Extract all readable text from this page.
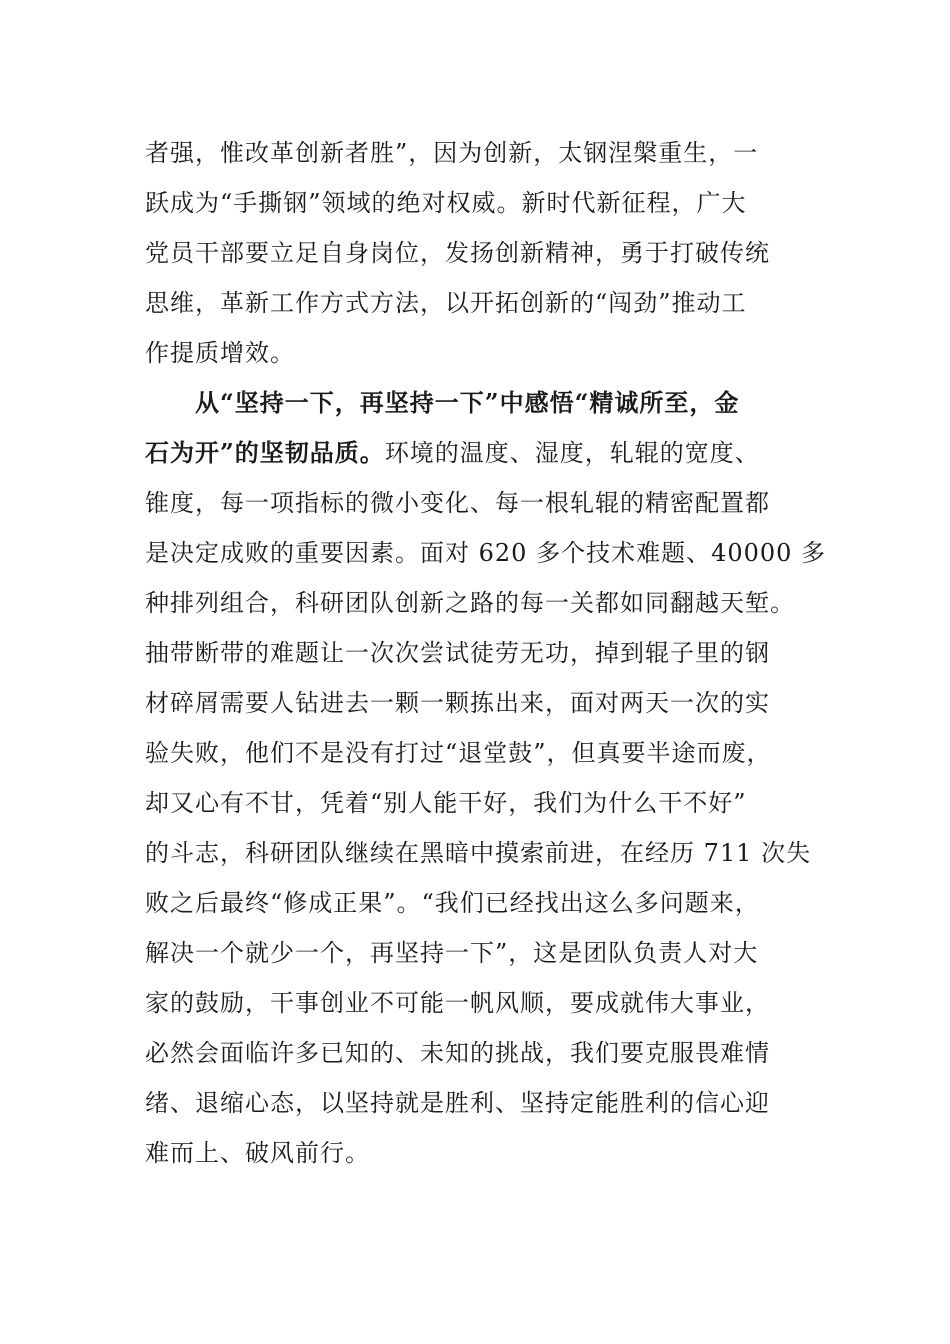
者强，惟改革创新者胜”，因为创新，太钢涅槃重生，一
跃成为“手撕钢”领域的绝对权威。新时代新征程，广大
党员干部要立足自身岗位，发扬创新精神，勇于打破传统
思维，革新工作方式方法，以开拓创新的“闯劲”推动工
作提质增效。
　　从“坚持一下，再坚持一下”中感悟“精诚所至，金
石为开”的坚韧品质。环境的温度、湿度，轧辊的宽度、
锥度，每一项指标的微小变化、每一根轧辊的精密配置都
是决定成败的重要因素。面对 620 多个技术难题、40000 多
种排列组合，科研团队创新之路的每一关都如同翻越天堑。
抽带断带的难题让一次次尝试徒劳无功，掉到辊子里的钢
材碎屑需要人钻进去一颗一颗拣出来，面对两天一次的实
验失败，他们不是没有打过“退堂鼓”，但真要半途而废，
却又心有不甘，凭着“别人能干好，我们为什么干不好”
的斗志，科研团队继续在黑暗中摸索前进，在经历 711 次失
败之后最终“修成正果”。“我们已经找出这么多问题来，
解决一个就少一个，再坚持一下”，这是团队负责人对大
家的鼓励，干事创业不可能一帆风顺，要成就伟大事业，
必然会面临许多已知的、未知的挑战，我们要克服畏难情
绪、退缩心态，以坚持就是胜利、坚持定能胜利的信心迎
难而上、破风前行。
